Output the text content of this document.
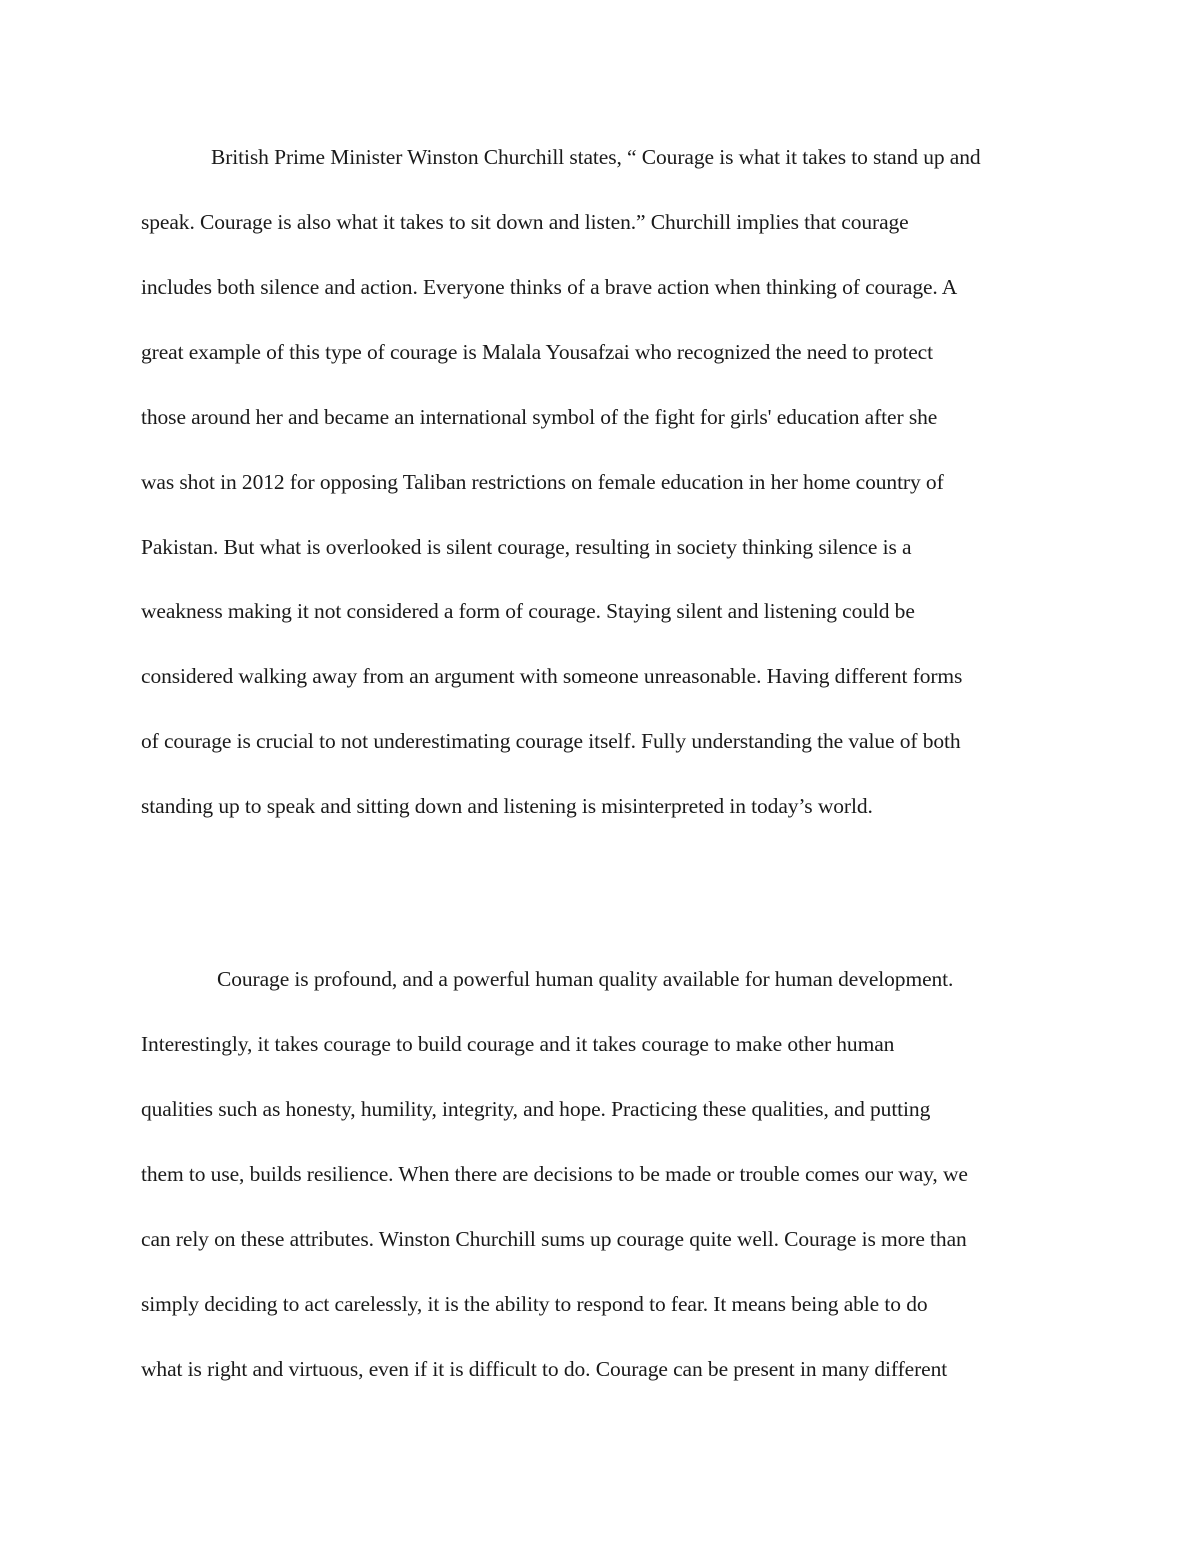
British Prime Minister Winston Churchill states, “ Courage is what it takes to stand up and
speak. Courage is also what it takes to sit down and listen.” Churchill implies that courage
includes both silence and action. Everyone thinks of a brave action when thinking of courage. A
great example of this type of courage is Malala Yousafzai who recognized the need to protect
those around her and became an international symbol of the fight for girls' education after she
was shot in 2012 for opposing Taliban restrictions on female education in her home country of
Pakistan. But what is overlooked is silent courage, resulting in society thinking silence is a
weakness making it not considered a form of courage. Staying silent and listening could be
considered walking away from an argument with someone unreasonable. Having different forms
of courage is crucial to not underestimating courage itself. Fully understanding the value of both
standing up to speak and sitting down and listening is misinterpreted in today’s world.
Courage is profound, and a powerful human quality available for human development.
Interestingly, it takes courage to build courage and it takes courage to make other human
qualities such as honesty, humility, integrity, and hope. Practicing these qualities, and putting
them to use, builds resilience. When there are decisions to be made or trouble comes our way, we
can rely on these attributes. Winston Churchill sums up courage quite well. Courage is more than
simply deciding to act carelessly, it is the ability to respond to fear. It means being able to do
what is right and virtuous, even if it is difficult to do. Courage can be present in many different
